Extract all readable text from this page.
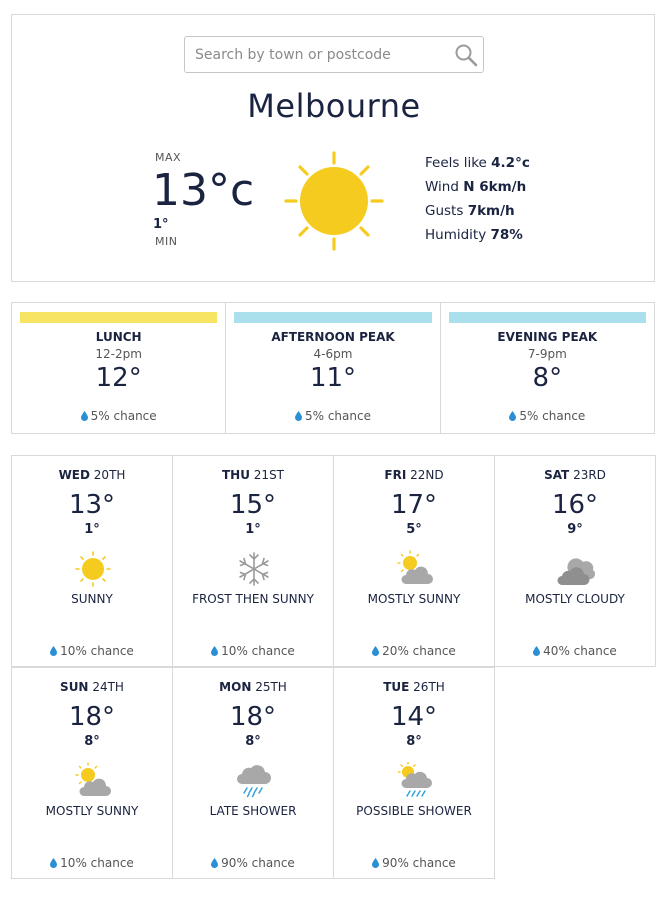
Search by town or postcode
Melbourne
MAX
13°c
1°
MIN
Feels like 4.2°c
Wind N 6km/h
Gusts 7km/h
Humidity 78%
LUNCH
12-2pm
12°
5% chance
AFTERNOON PEAK
4-6pm
11°
5% chance
EVENING PEAK
7-9pm
8°
5% chance
WED 20TH
13°
1°
SUNNY
10% chance
THU 21ST
15°
1°
FROST THEN SUNNY
10% chance
FRI 22ND
17°
5°
MOSTLY SUNNY
20% chance
SAT 23RD
16°
9°
MOSTLY CLOUDY
40% chance
SUN 24TH
18°
8°
MOSTLY SUNNY
10% chance
MON 25TH
18°
8°
LATE SHOWER
90% chance
TUE 26TH
14°
8°
POSSIBLE SHOWER
90% chance
